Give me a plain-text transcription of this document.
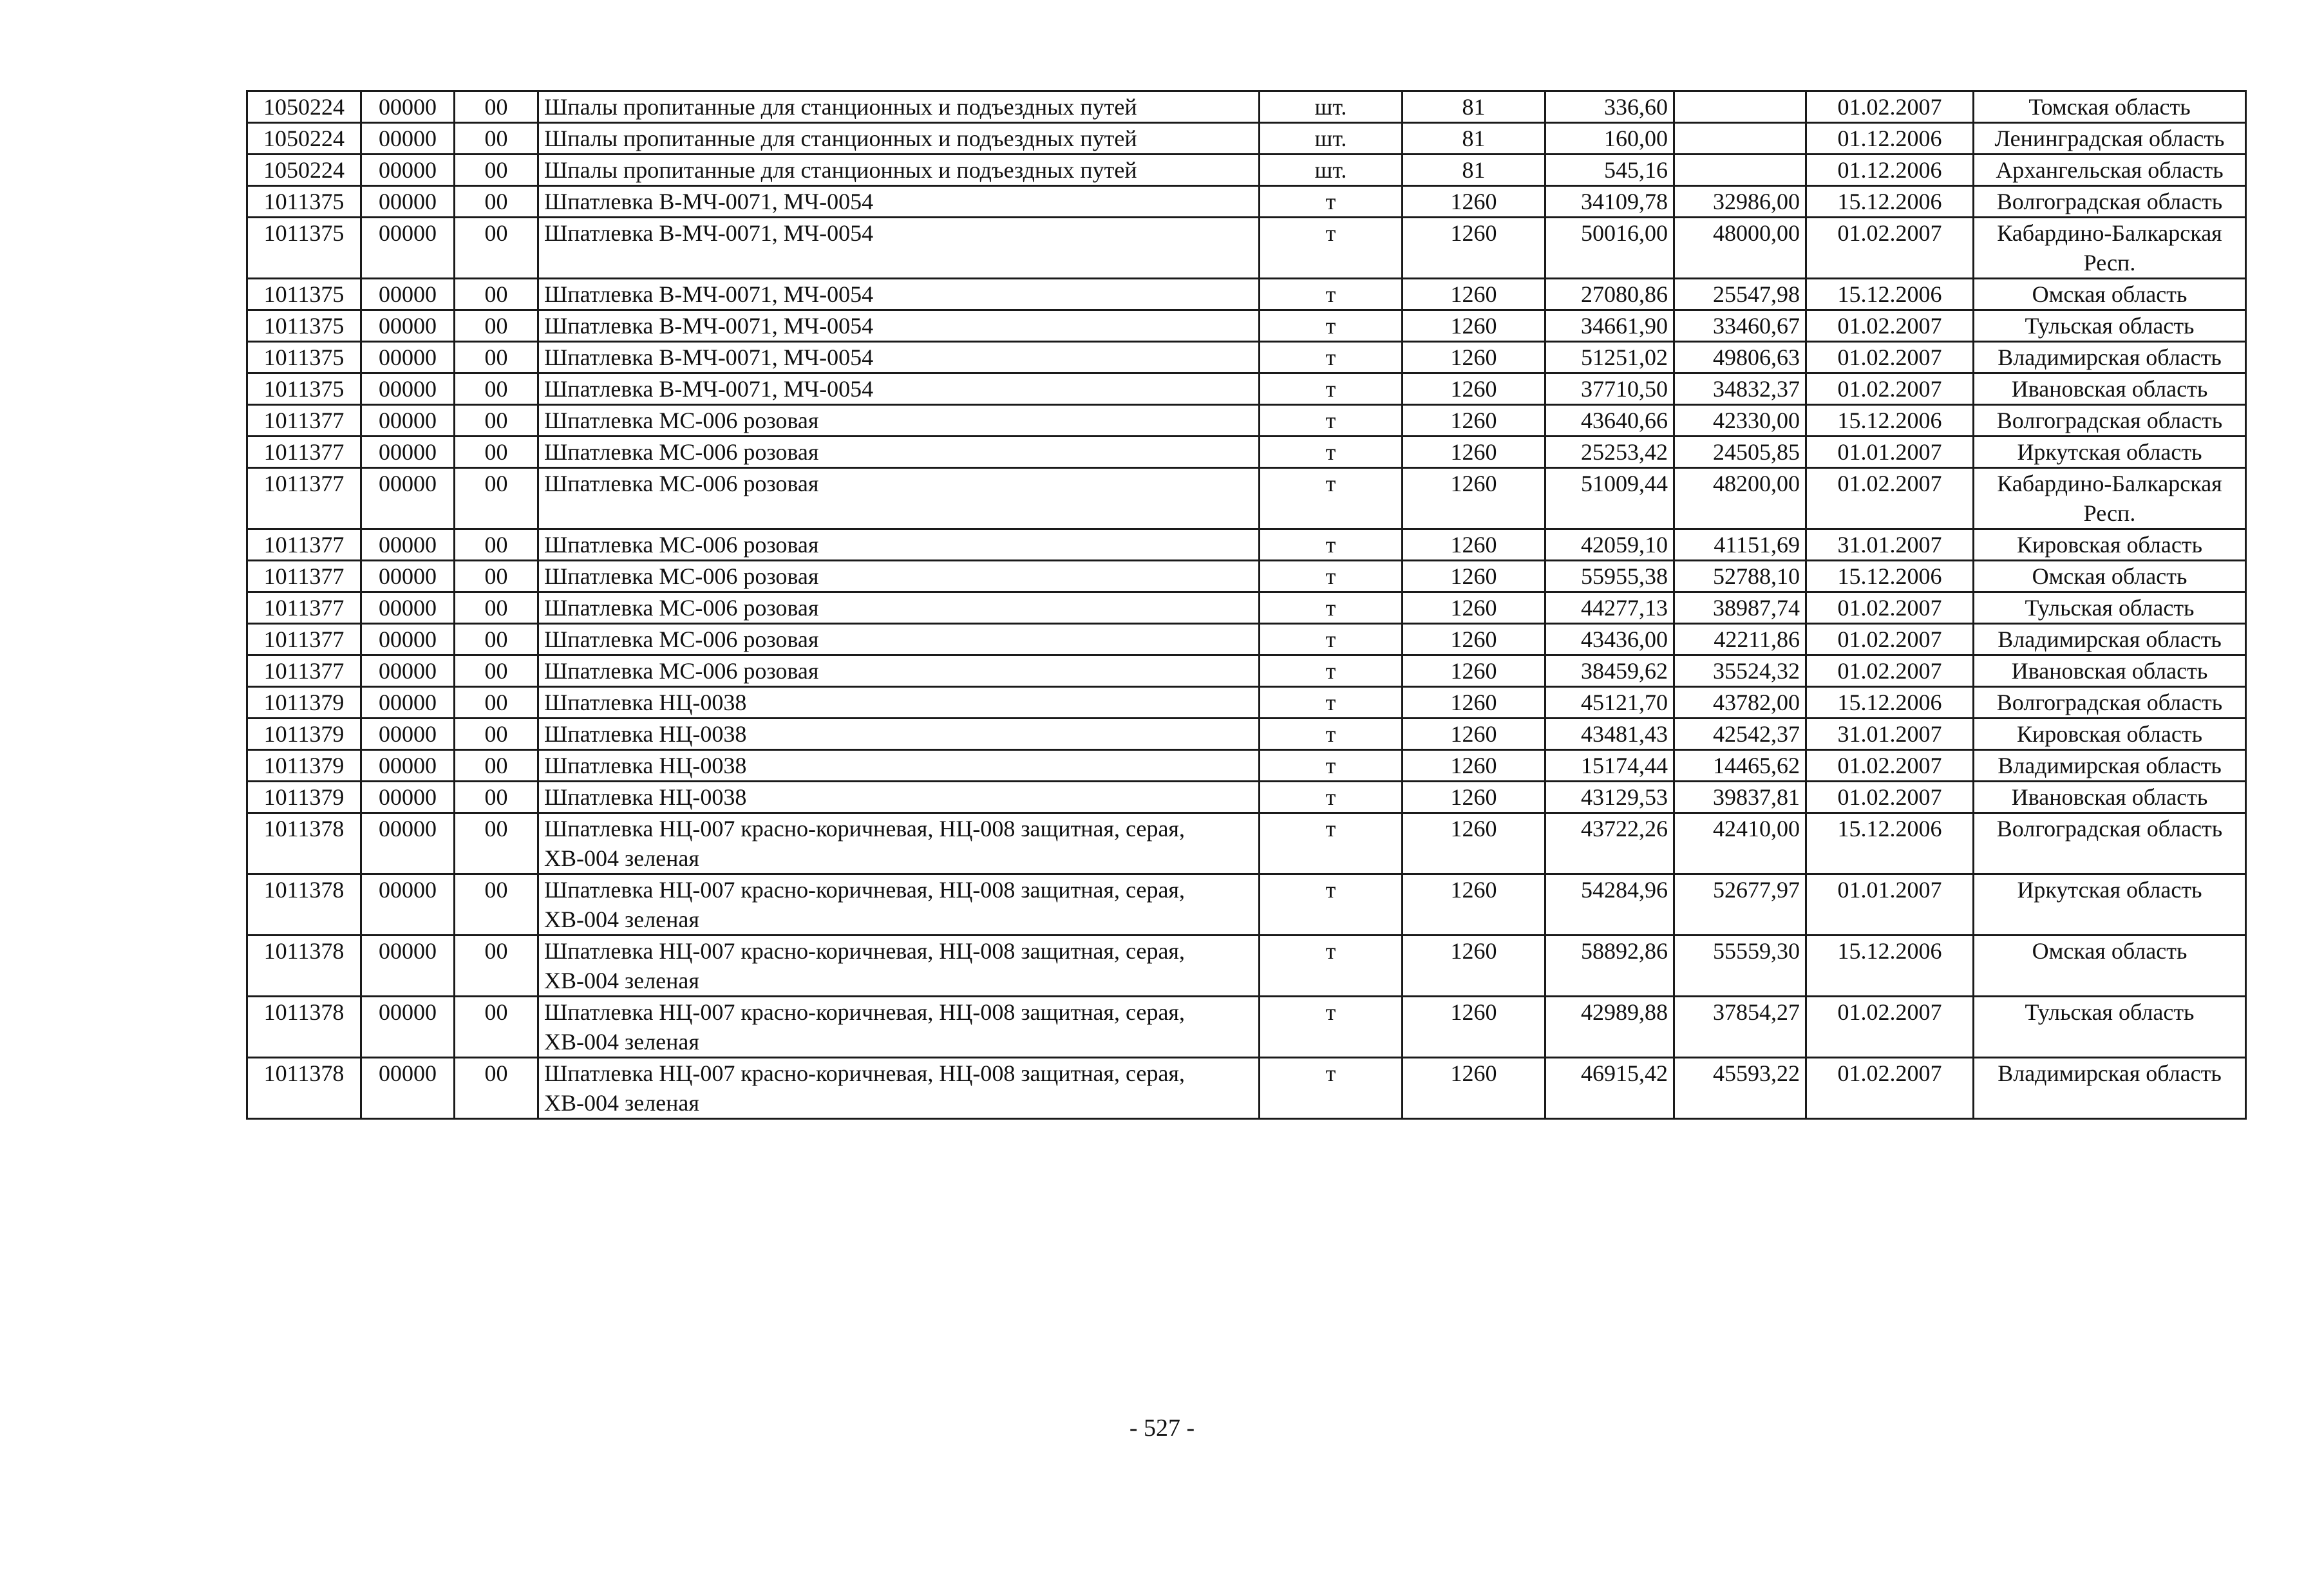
1050224	00000	00	Шпалы пропитанные для станционных и подъездных путей	шт.	81	336,60		01.02.2007	Томская область
1050224	00000	00	Шпалы пропитанные для станционных и подъездных путей	шт.	81	160,00		01.12.2006	Ленинградская область
1050224	00000	00	Шпалы пропитанные для станционных и подъездных путей	шт.	81	545,16		01.12.2006	Архангельская область
1011375	00000	00	Шпатлевка В-МЧ-0071, МЧ-0054	т	1260	34109,78	32986,00	15.12.2006	Волгоградская область
1011375	00000	00	Шпатлевка В-МЧ-0071, МЧ-0054	т	1260	50016,00	48000,00	01.02.2007	Кабардино-Балкарская Респ.
1011375	00000	00	Шпатлевка В-МЧ-0071, МЧ-0054	т	1260	27080,86	25547,98	15.12.2006	Омская область
1011375	00000	00	Шпатлевка В-МЧ-0071, МЧ-0054	т	1260	34661,90	33460,67	01.02.2007	Тульская область
1011375	00000	00	Шпатлевка В-МЧ-0071, МЧ-0054	т	1260	51251,02	49806,63	01.02.2007	Владимирская область
1011375	00000	00	Шпатлевка В-МЧ-0071, МЧ-0054	т	1260	37710,50	34832,37	01.02.2007	Ивановская область
1011377	00000	00	Шпатлевка МС-006 розовая	т	1260	43640,66	42330,00	15.12.2006	Волгоградская область
1011377	00000	00	Шпатлевка МС-006 розовая	т	1260	25253,42	24505,85	01.01.2007	Иркутская область
1011377	00000	00	Шпатлевка МС-006 розовая	т	1260	51009,44	48200,00	01.02.2007	Кабардино-Балкарская Респ.
1011377	00000	00	Шпатлевка МС-006 розовая	т	1260	42059,10	41151,69	31.01.2007	Кировская область
1011377	00000	00	Шпатлевка МС-006 розовая	т	1260	55955,38	52788,10	15.12.2006	Омская область
1011377	00000	00	Шпатлевка МС-006 розовая	т	1260	44277,13	38987,74	01.02.2007	Тульская область
1011377	00000	00	Шпатлевка МС-006 розовая	т	1260	43436,00	42211,86	01.02.2007	Владимирская область
1011377	00000	00	Шпатлевка МС-006 розовая	т	1260	38459,62	35524,32	01.02.2007	Ивановская область
1011379	00000	00	Шпатлевка НЦ-0038	т	1260	45121,70	43782,00	15.12.2006	Волгоградская область
1011379	00000	00	Шпатлевка НЦ-0038	т	1260	43481,43	42542,37	31.01.2007	Кировская область
1011379	00000	00	Шпатлевка НЦ-0038	т	1260	15174,44	14465,62	01.02.2007	Владимирская область
1011379	00000	00	Шпатлевка НЦ-0038	т	1260	43129,53	39837,81	01.02.2007	Ивановская область
1011378	00000	00	Шпатлевка НЦ-007 красно-коричневая, НЦ-008 защитная, серая, ХВ-004 зеленая	т	1260	43722,26	42410,00	15.12.2006	Волгоградская область
1011378	00000	00	Шпатлевка НЦ-007 красно-коричневая, НЦ-008 защитная, серая, ХВ-004 зеленая	т	1260	54284,96	52677,97	01.01.2007	Иркутская область
1011378	00000	00	Шпатлевка НЦ-007 красно-коричневая, НЦ-008 защитная, серая, ХВ-004 зеленая	т	1260	58892,86	55559,30	15.12.2006	Омская область
1011378	00000	00	Шпатлевка НЦ-007 красно-коричневая, НЦ-008 защитная, серая, ХВ-004 зеленая	т	1260	42989,88	37854,27	01.02.2007	Тульская область
1011378	00000	00	Шпатлевка НЦ-007 красно-коричневая, НЦ-008 защитная, серая, ХВ-004 зеленая	т	1260	46915,42	45593,22	01.02.2007	Владимирская область
- 527 -
